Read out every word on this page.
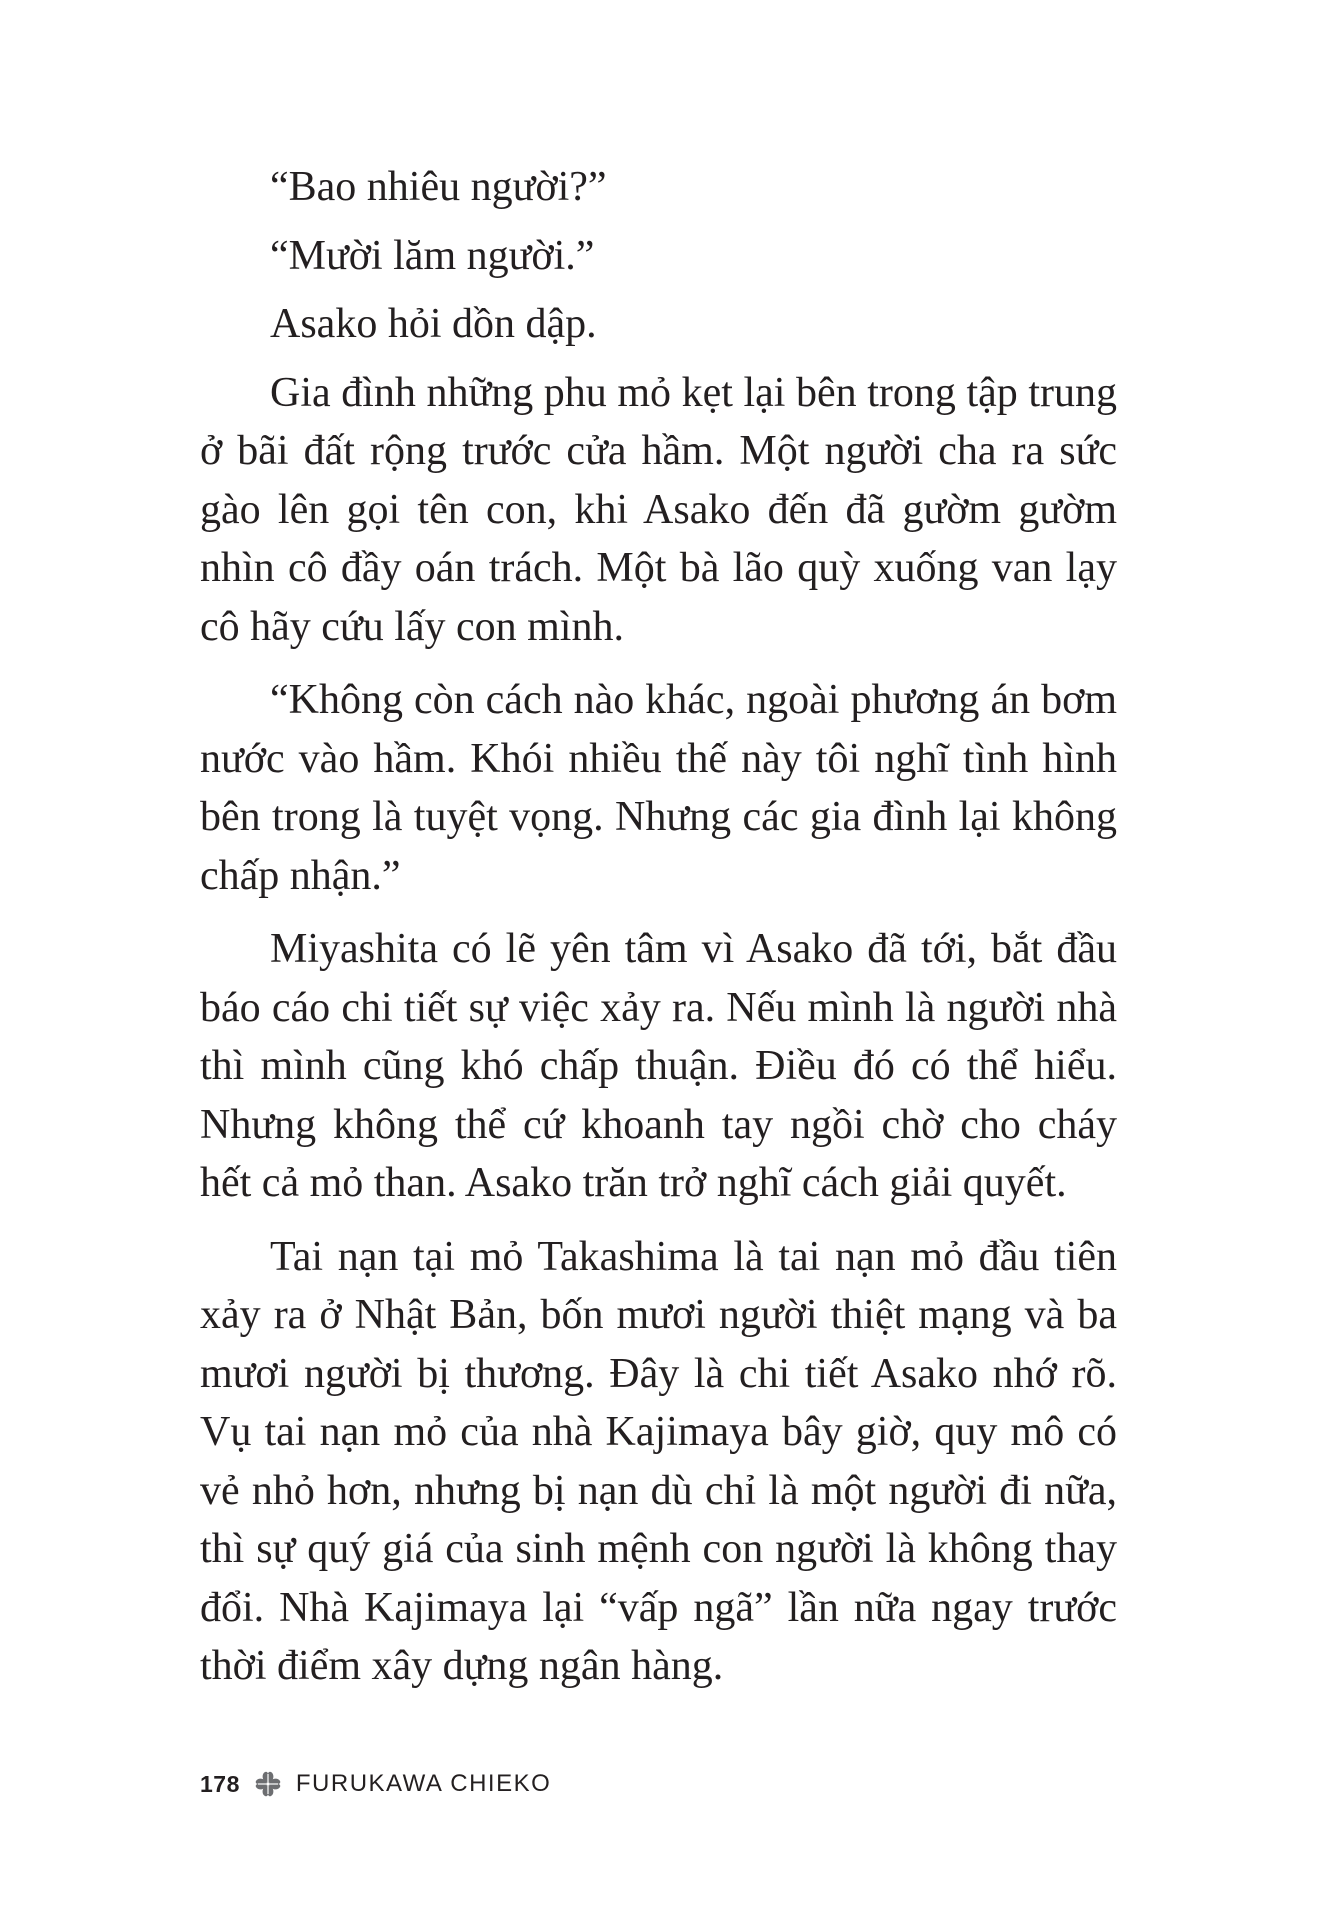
“Bao nhiêu người?”

“Mười lăm người.”

Asako hỏi dồn dập.

Gia đình những phu mỏ kẹt lại bên trong tập trung ở bãi đất rộng trước cửa hầm. Một người cha ra sức gào lên gọi tên con, khi Asako đến đã gườm gườm nhìn cô đầy oán trách. Một bà lão quỳ xuống van lạy cô hãy cứu lấy con mình.

“Không còn cách nào khác, ngoài phương án bơm nước vào hầm. Khói nhiều thế này tôi nghĩ tình hình bên trong là tuyệt vọng. Nhưng các gia đình lại không chấp nhận.”

Miyashita có lẽ yên tâm vì Asako đã tới, bắt đầu báo cáo chi tiết sự việc xảy ra. Nếu mình là người nhà thì mình cũng khó chấp thuận. Điều đó có thể hiểu. Nhưng không thể cứ khoanh tay ngồi chờ cho cháy hết cả mỏ than. Asako trăn trở nghĩ cách giải quyết.

Tai nạn tại mỏ Takashima là tai nạn mỏ đầu tiên xảy ra ở Nhật Bản, bốn mươi người thiệt mạng và ba mươi người bị thương. Đây là chi tiết Asako nhớ rõ. Vụ tai nạn mỏ của nhà Kajimaya bây giờ, quy mô có vẻ nhỏ hơn, nhưng bị nạn dù chỉ là một người đi nữa, thì sự quý giá của sinh mệnh con người là không thay đổi. Nhà Kajimaya lại “vấp ngã” lần nữa ngay trước thời điểm xây dựng ngân hàng.

178 FURUKAWA CHIEKO
